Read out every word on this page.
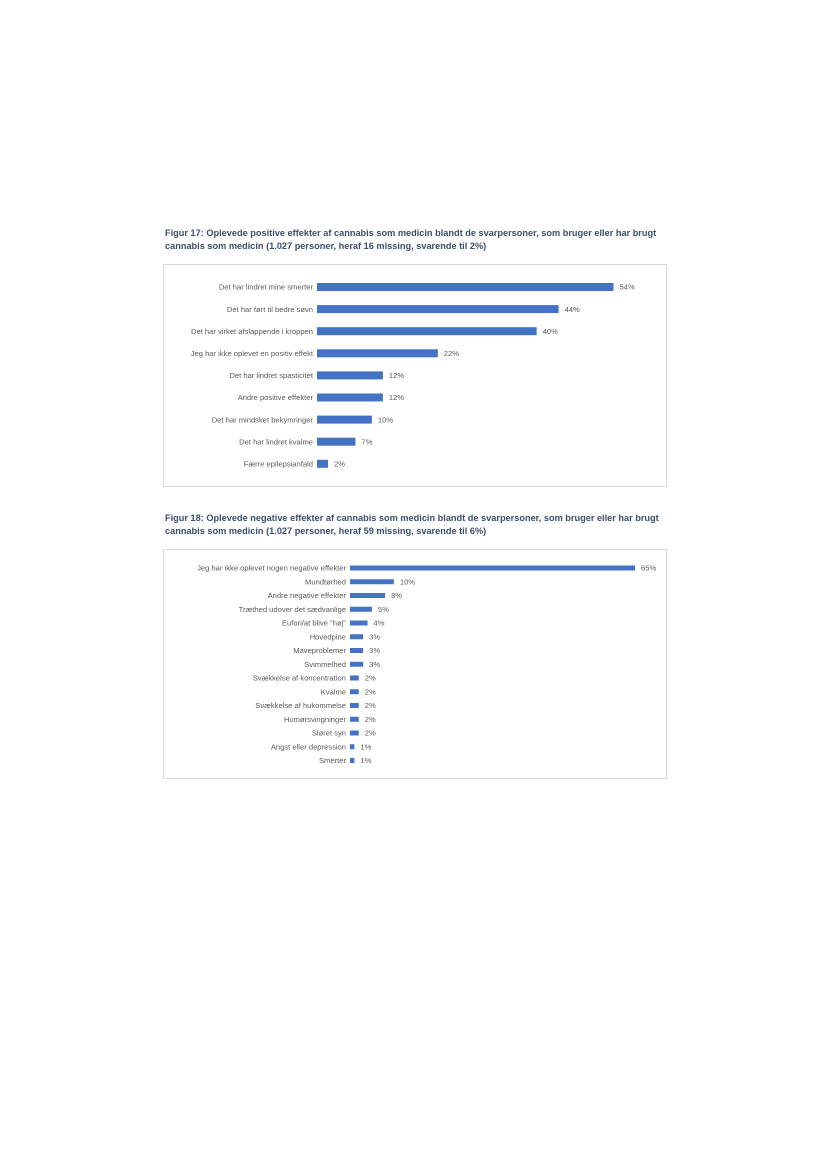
Figur 17: Oplevede positive effekter af cannabis som medicin blandt de svarpersoner, som bruger eller har brugt cannabis som medicin (1.027 personer, heraf 16 missing, svarende til 2%)
Det har lindret mine smerter	54%
Det har ført til bedre søvn	44%
Det har virket afslappende i kroppen	40%
Jeg har ikke oplevet en positiv effekt	22%
Det har lindret spasticitet	12%
Andre positive effekter	12%
Det har mindsket bekymringer	10%
Det har lindret kvalme	7%
Færre epilepsianfald	2%
Figur 18: Oplevede negative effekter af cannabis som medicin blandt de svarpersoner, som bruger eller har brugt cannabis som medicin (1.027 personer, heraf 59 missing, svarende til 6%)
Jeg har ikke oplevet nogen negative effekter	65%
Mundtørhed	10%
Andre negative effekter	8%
Træthed udover det sædvanlige	5%
Eufori/at blive "høj"	4%
Hovedpine	3%
Maveproblemer	3%
Svimmelhed	3%
Svækkelse af koncentration 2%
Kvalme 2%
Svækkelse af hukommelse 2%
Humørsvingninger 2%
Sløret syn 2%
Angst eller depression 1%
Smerter 1%
